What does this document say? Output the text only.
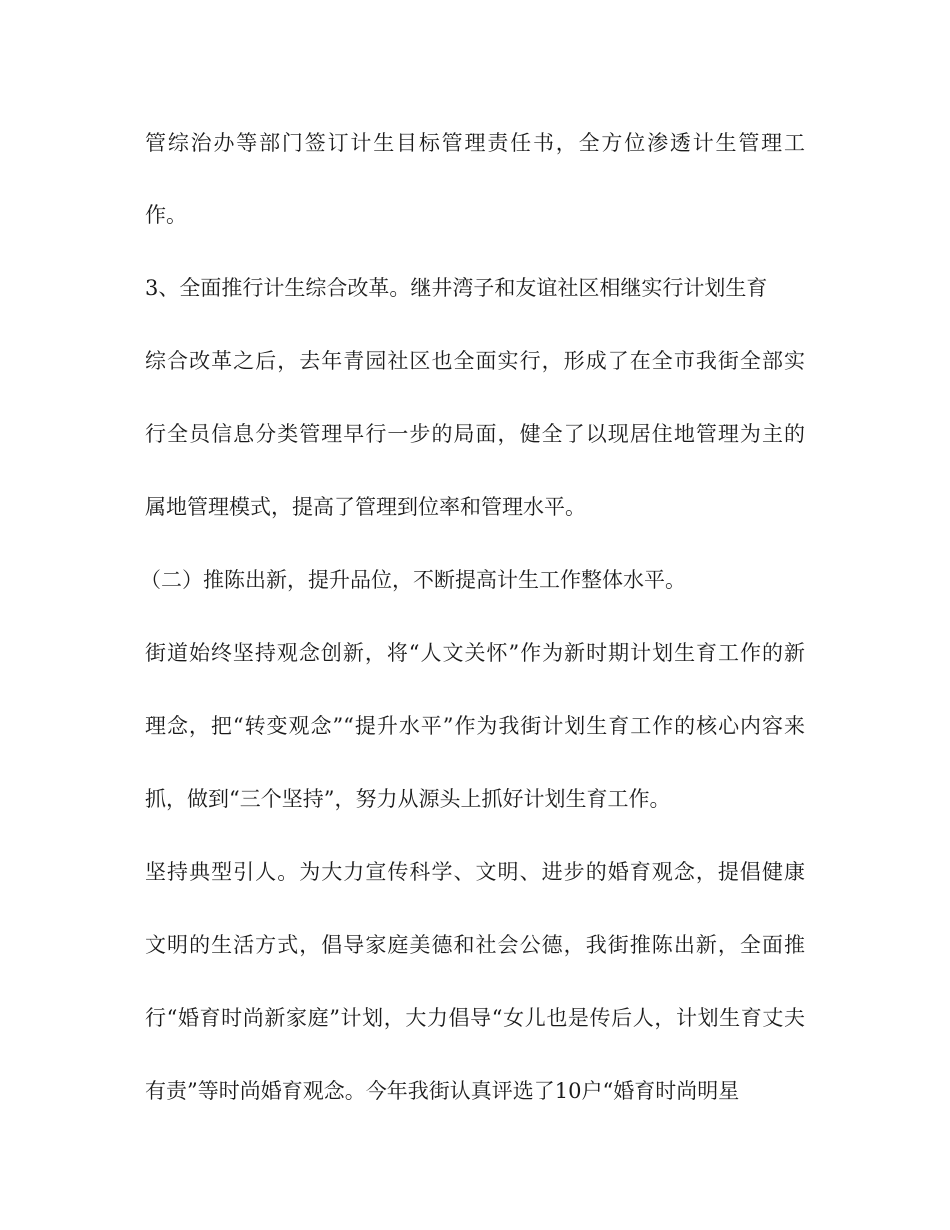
管综治办等部门签订计生目标管理责任书，全方位渗透计生管理工

作。

3、全面推行计生综合改革。继井湾子和友谊社区相继实行计划生育

综合改革之后，去年青园社区也全面实行，形成了在全市我街全部实

行全员信息分类管理早行一步的局面，健全了以现居住地管理为主的

属地管理模式，提高了管理到位率和管理水平。

（二）推陈出新，提升品位，不断提高计生工作整体水平。

街道始终坚持观念创新，将“人文关怀”作为新时期计划生育工作的新

理念，把“转变观念”“提升水平”作为我街计划生育工作的核心内容来

抓，做到“三个坚持”，努力从源头上抓好计划生育工作。

坚持典型引人。为大力宣传科学、文明、进步的婚育观念，提倡健康

文明的生活方式，倡导家庭美德和社会公德，我街推陈出新，全面推

行“婚育时尚新家庭”计划，大力倡导“女儿也是传后人，计划生育丈夫

有责”等时尚婚育观念。今年我街认真评选了10户“婚育时尚明星
